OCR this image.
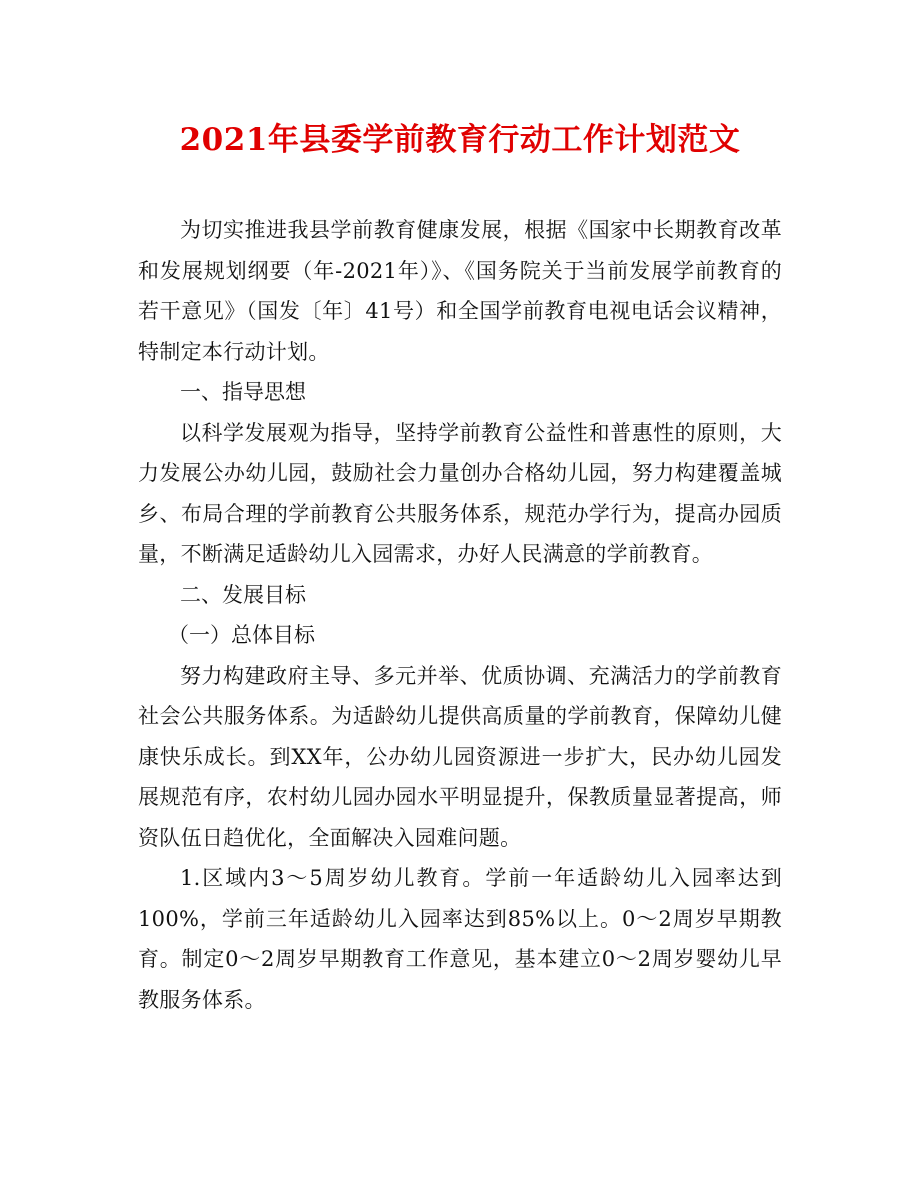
2021年县委学前教育行动工作计划范文

为切实推进我县学前教育健康发展，根据《国家中长期教育改革和发展规划纲要（年-2021年）》、《国务院关于当前发展学前教育的若干意见》（国发〔年〕41号）和全国学前教育电视电话会议精神，特制定本行动计划。

一、指导思想

以科学发展观为指导，坚持学前教育公益性和普惠性的原则，大力发展公办幼儿园，鼓励社会力量创办合格幼儿园，努力构建覆盖城乡、布局合理的学前教育公共服务体系，规范办学行为，提高办园质量，不断满足适龄幼儿入园需求，办好人民满意的学前教育。

二、发展目标

（一）总体目标

努力构建政府主导、多元并举、优质协调、充满活力的学前教育社会公共服务体系。为适龄幼儿提供高质量的学前教育，保障幼儿健康快乐成长。到XX年，公办幼儿园资源进一步扩大，民办幼儿园发展规范有序，农村幼儿园办园水平明显提升，保教质量显著提高，师资队伍日趋优化，全面解决入园难问题。

1.区域内3～5周岁幼儿教育。学前一年适龄幼儿入园率达到100%，学前三年适龄幼儿入园率达到85%以上。0～2周岁早期教育。制定0～2周岁早期教育工作意见，基本建立0～2周岁婴幼儿早教服务体系。
